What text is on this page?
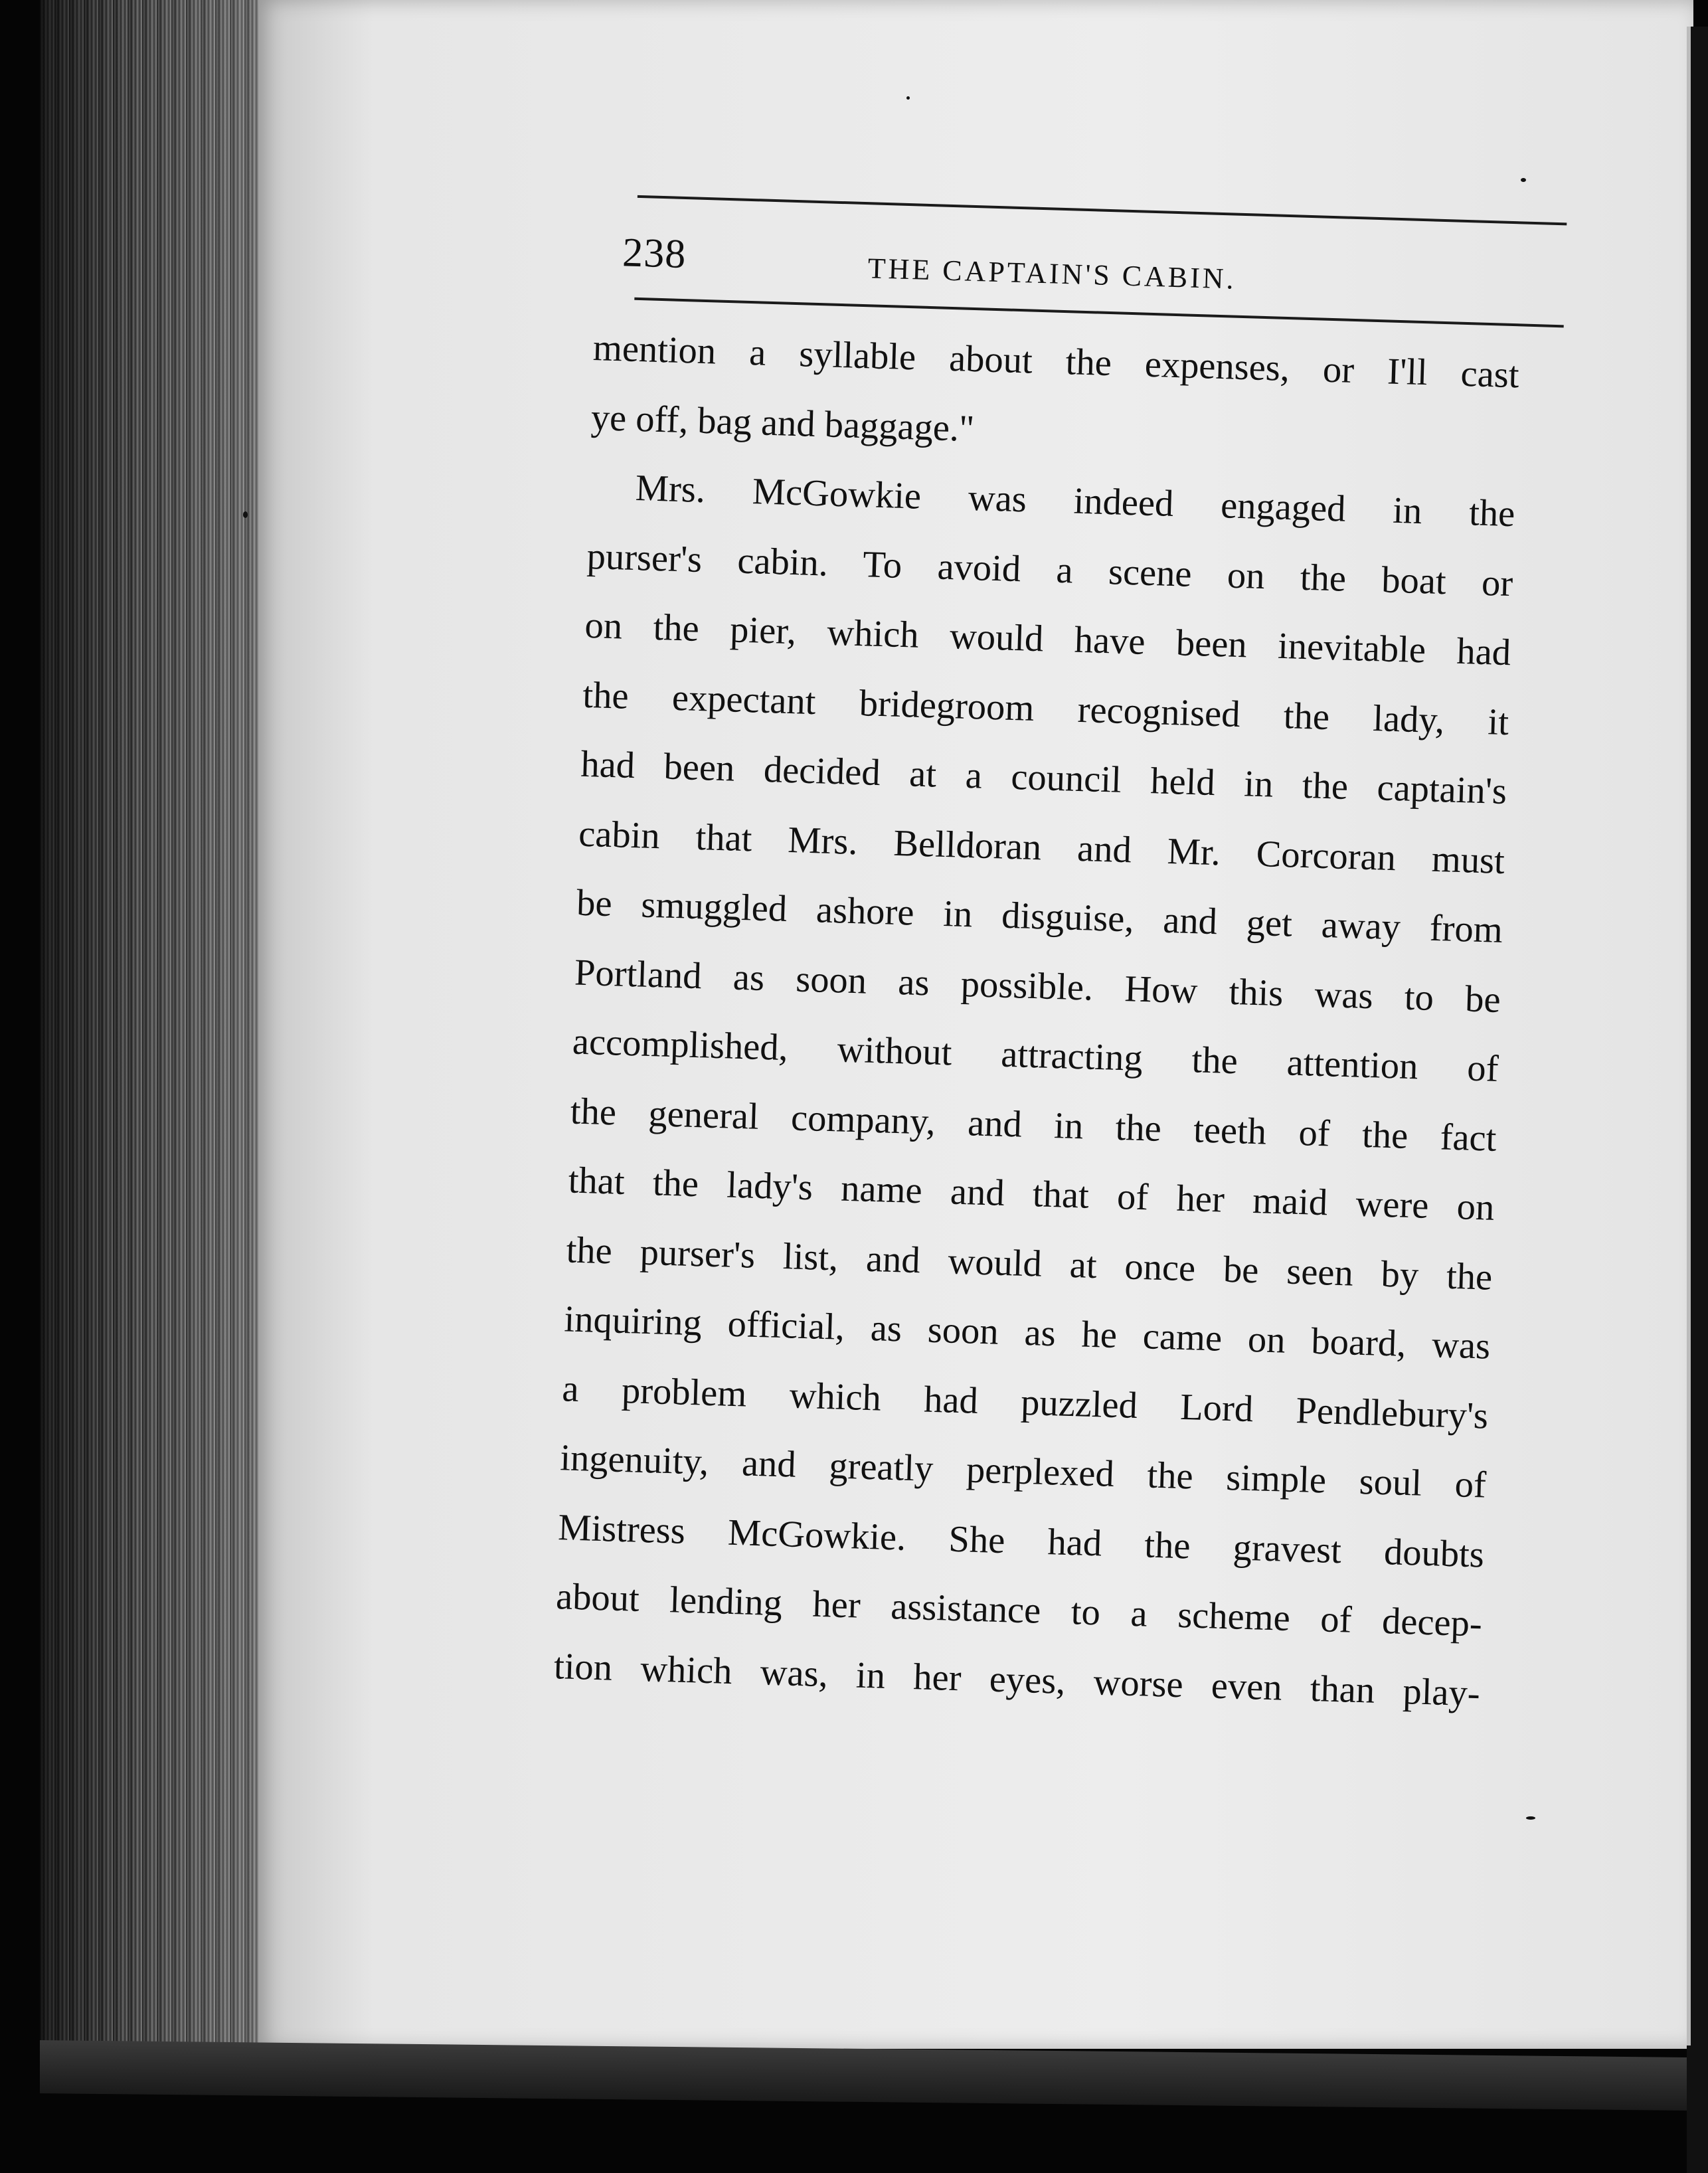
238	THE CAPTAIN'S CABIN.
mention a syllable about the expenses, or I'll cast
ye off, bag and baggage."
Mrs. McGowkie was indeed engaged in the
purser's cabin. To avoid a scene on the boat or
on the pier, which would have been inevitable had
the expectant bridegroom recognised the lady, it
had been decided at a council held in the captain's
cabin that Mrs. Belldoran and Mr. Corcoran must
be smuggled ashore in disguise, and get away from
Portland as soon as possible. How this was to be
accomplished, without attracting the attention of
the general company, and in the teeth of the fact
that the lady's name and that of her maid were on
the purser's list, and would at once be seen by the
inquiring official, as soon as he came on board, was
a problem which had puzzled Lord Pendlebury's
ingenuity, and greatly perplexed the simple soul of
Mistress McGowkie. She had the gravest doubts
about lending her assistance to a scheme of decep-
tion which was, in her eyes, worse even than play-
